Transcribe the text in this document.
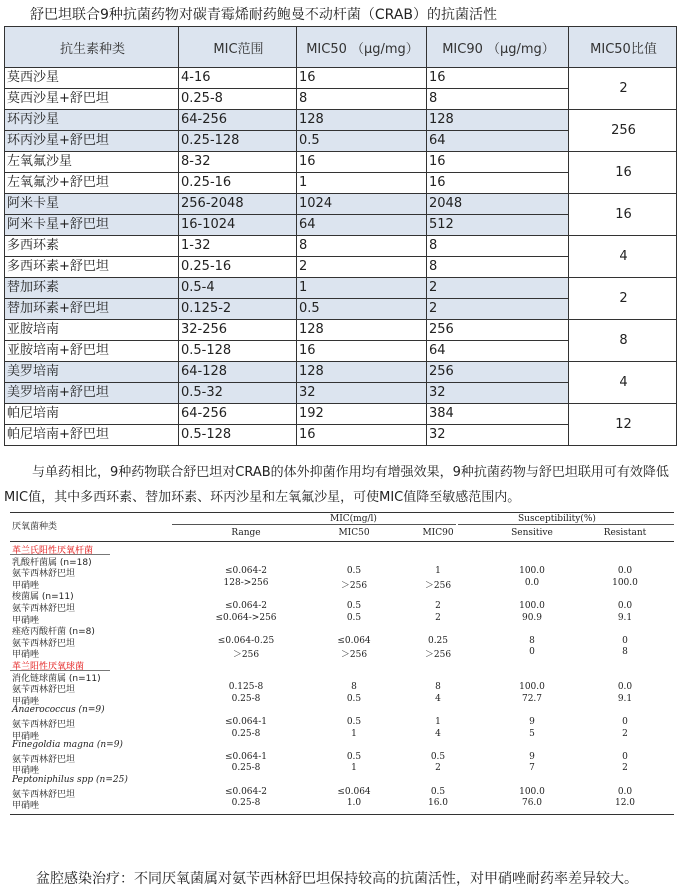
舒巴坦联合9种抗菌药物对碳青霉烯耐药鲍曼不动杆菌（CRAB）的抗菌活性
抗生素种类	MIC范围	MIC50 （μg/mg）	MIC90 （μg/mg）	MIC50比值
莫西沙星	4-16	16	16	2
莫西沙星+舒巴坦	0.25-8	8	8	
环丙沙星	64-256	128	128	256
环丙沙星+舒巴坦	0.25-128	0.5	64	
左氧氟沙星	8-32	16	16	16
左氧氟沙+舒巴坦	0.25-16	1	16	
阿米卡星	256-2048	1024	2048	16
阿米卡星+舒巴坦	16-1024	64	512	
多西环素	1-32	8	8	4
多西环素+舒巴坦	0.25-16	2	8	
替加环素	0.5-4	1	2	2
替加环素+舒巴坦	0.125-2	0.5	2	
亚胺培南	32-256	128	256	8
亚胺培南+舒巴坦	0.5-128	16	64	
美罗培南	64-128	128	256	4
美罗培南+舒巴坦	0.5-32	32	32	
帕尼培南	64-256	192	384	12
帕尼培南+舒巴坦	0.5-128	16	32	
与单药相比，9种药物联合舒巴坦对CRAB的体外抑菌作用均有增强效果，9种抗菌药物与舒巴坦联用可有效降低MIC值，其中多西环素、替加环素、环丙沙星和左氧氟沙星，可使MIC值降至敏感范围内。
厌氧菌种类
MIC(mg/l)	Susceptibility(%)
Range	MIC50	MIC90	Sensitive	Resistant
革兰氏阳性厌氧杆菌
乳酸杆菌属 (n=18)
氨苄西林舒巴坦	≤0.064-2	0.5	1	100.0	0.0
甲硝唑	128->256	＞256	＞256	0.0	100.0
梭菌属 (n=11)
氨苄西林舒巴坦	≤0.064-2	0.5	2	100.0	0.0
甲硝唑	≤0.064->256	0.5	2	90.9	9.1
痤疮丙酸杆菌 (n=8)
氨苄西林舒巴坦	≤0.064-0.25	≤0.064	0.25	8	0
甲硝唑	＞256	＞256	＞256	0	8
革兰阳性厌氧球菌
消化链球菌属 (n=11)
氨苄西林舒巴坦	0.125-8	8	8	100.0	0.0
甲硝唑	0.25-8	0.5	4	72.7	9.1
Anaerococcus (n=9)
氨苄西林舒巴坦	≤0.064-1	0.5	1	9	0
甲硝唑	0.25-8	1	4	5	2
Finegoldia magna (n=9)
氨苄西林舒巴坦	≤0.064-1	0.5	0.5	9	0
甲硝唑	0.25-8	1	2	7	2
Peptoniphilus spp (n=25)
氨苄西林舒巴坦	≤0.064-2	≤0.064	0.5	100.0	0.0
甲硝唑	0.25-8	1.0	16.0	76.0	12.0
盆腔感染治疗：不同厌氧菌属对氨苄西林舒巴坦保持较高的抗菌活性，对甲硝唑耐药率差异较大。
